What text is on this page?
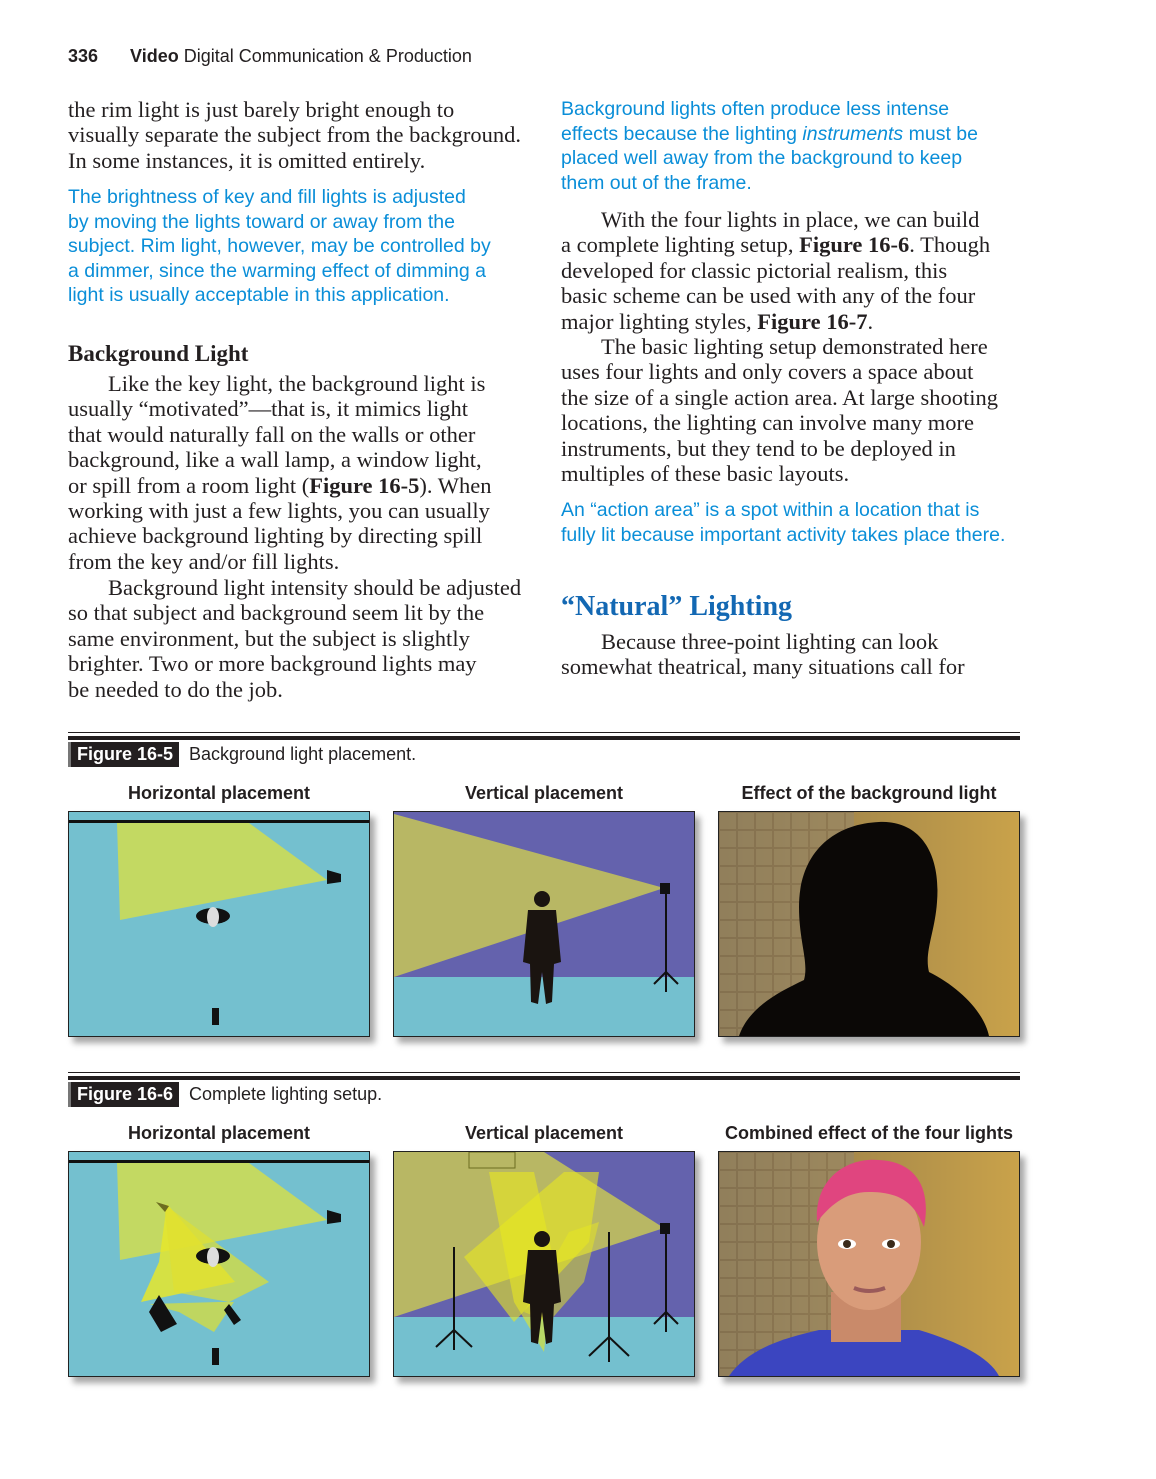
336 Video Digital Communication & Production
the rim light is just barely bright enough to
visually separate the subject from the background.
In some instances, it is omitted entirely.
The brightness of key and fill lights is adjusted
by moving the lights toward or away from the
subject. Rim light, however, may be controlled by
a dimmer, since the warming effect of dimming a
light is usually acceptable in this application.
Background Light
Like the key light, the background light is
usually “motivated”—that is, it mimics light
that would naturally fall on the walls or other
background, like a wall lamp, a window light,
or spill from a room light (Figure 16-5). When
working with just a few lights, you can usually
achieve background lighting by directing spill
from the key and/or fill lights.
Background light intensity should be adjusted
so that subject and background seem lit by the
same environment, but the subject is slightly
brighter. Two or more background lights may
be needed to do the job.
Background lights often produce less intense
effects because the lighting instruments must be
placed well away from the background to keep
them out of the frame.
With the four lights in place, we can build
a complete lighting setup, Figure 16-6. Though
developed for classic pictorial realism, this
basic scheme can be used with any of the four
major lighting styles, Figure 16-7.
The basic lighting setup demonstrated here
uses four lights and only covers a space about
the size of a single action area. At large shooting
locations, the lighting can involve many more
instruments, but they tend to be deployed in
multiples of these basic layouts.
An “action area” is a spot within a location that is
fully lit because important activity takes place there.
“Natural” Lighting
Because three-point lighting can look
somewhat theatrical, many situations call for
Figure 16-5 Background light placement.
Horizontal placement	Vertical placement	Effect of the background light
Figure 16-6 Complete lighting setup.
Horizontal placement	Vertical placement	Combined effect of the four lights
